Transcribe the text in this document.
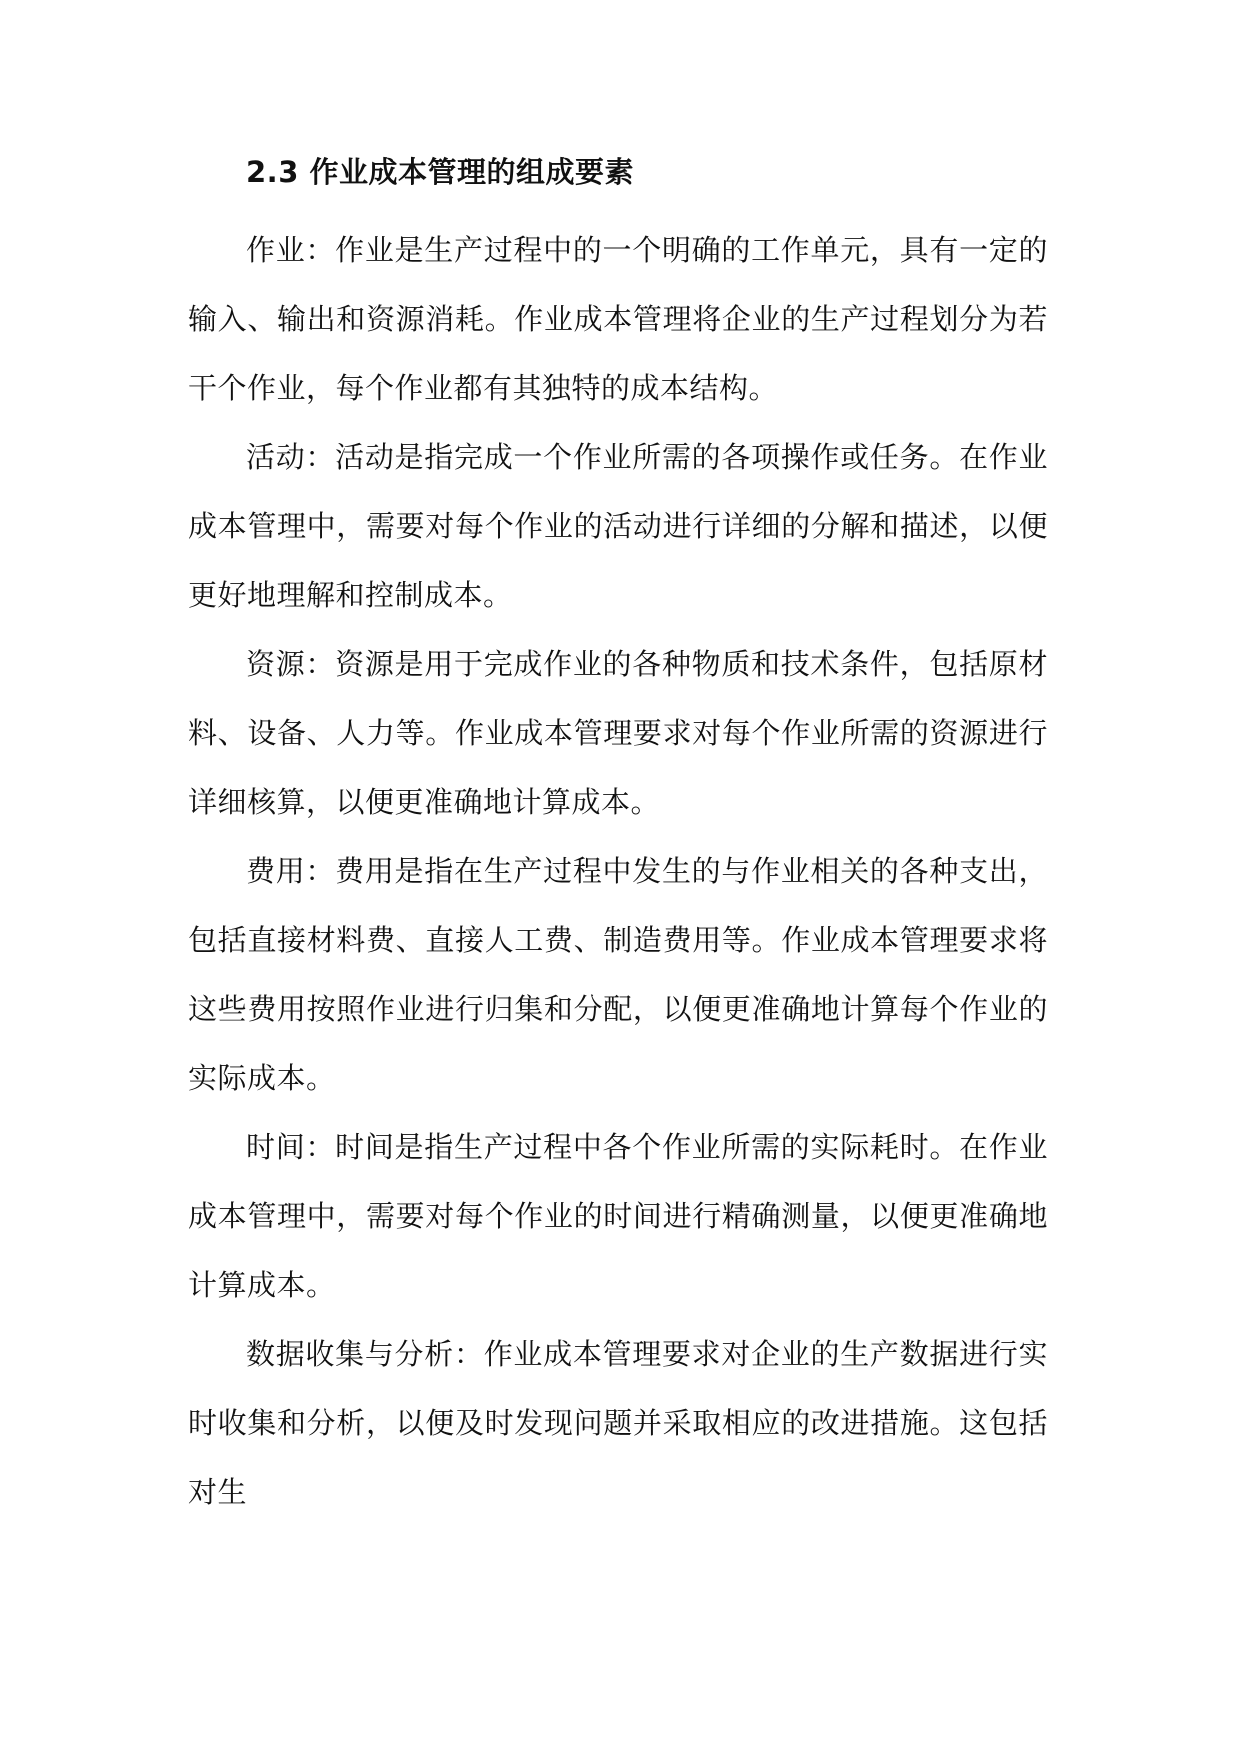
2.3 作业成本管理的组成要素

作业：作业是生产过程中的一个明确的工作单元，具有一定的输入、输出和资源消耗。作业成本管理将企业的生产过程划分为若干个作业，每个作业都有其独特的成本结构。

活动：活动是指完成一个作业所需的各项操作或任务。在作业成本管理中，需要对每个作业的活动进行详细的分解和描述，以便更好地理解和控制成本。

资源：资源是用于完成作业的各种物质和技术条件，包括原材料、设备、人力等。作业成本管理要求对每个作业所需的资源进行详细核算，以便更准确地计算成本。

费用：费用是指在生产过程中发生的与作业相关的各种支出，包括直接材料费、直接人工费、制造费用等。作业成本管理要求将这些费用按照作业进行归集和分配，以便更准确地计算每个作业的实际成本。

时间：时间是指生产过程中各个作业所需的实际耗时。在作业成本管理中，需要对每个作业的时间进行精确测量，以便更准确地计算成本。

数据收集与分析：作业成本管理要求对企业的生产数据进行实时收集和分析，以便及时发现问题并采取相应的改进措施。这包括对生
